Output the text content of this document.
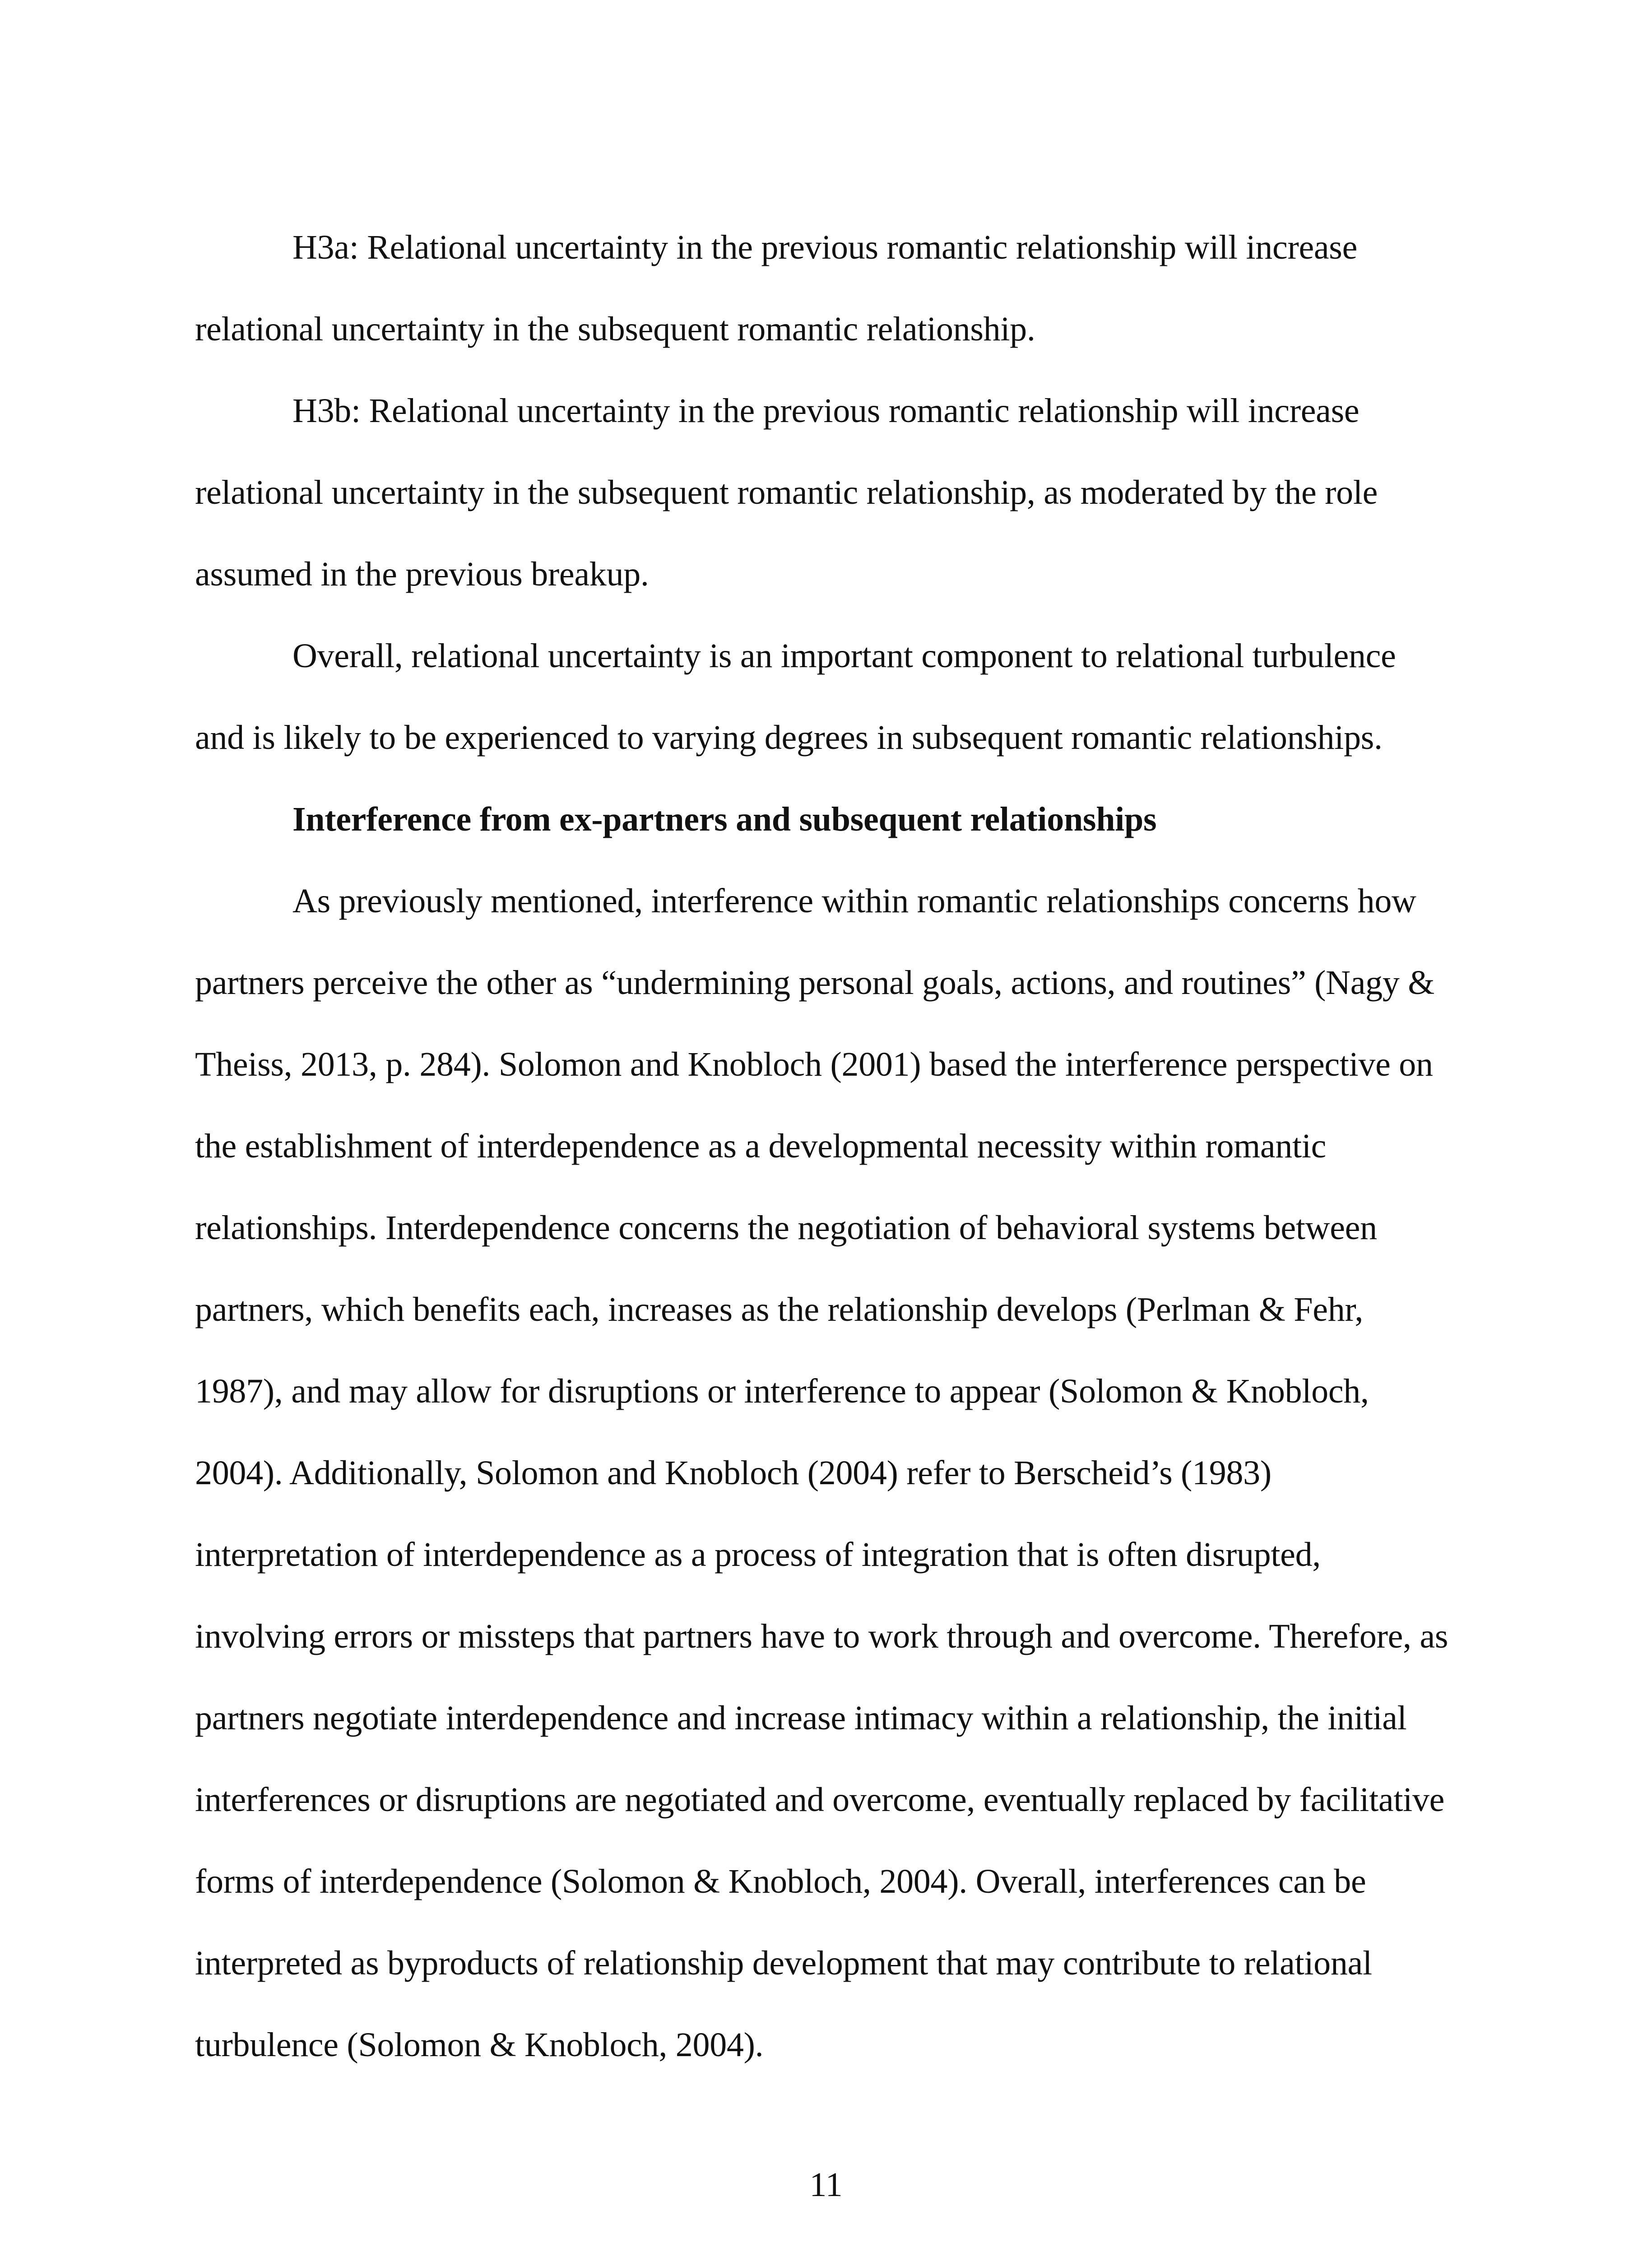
H3a: Relational uncertainty in the previous romantic relationship will increase relational uncertainty in the subsequent romantic relationship.

H3b: Relational uncertainty in the previous romantic relationship will increase relational uncertainty in the subsequent romantic relationship, as moderated by the role assumed in the previous breakup.

Overall, relational uncertainty is an important component to relational turbulence and is likely to be experienced to varying degrees in subsequent romantic relationships.

Interference from ex-partners and subsequent relationships

As previously mentioned, interference within romantic relationships concerns how partners perceive the other as “undermining personal goals, actions, and routines” (Nagy & Theiss, 2013, p. 284). Solomon and Knobloch (2001) based the interference perspective on the establishment of interdependence as a developmental necessity within romantic relationships. Interdependence concerns the negotiation of behavioral systems between partners, which benefits each, increases as the relationship develops (Perlman & Fehr, 1987), and may allow for disruptions or interference to appear (Solomon & Knobloch, 2004). Additionally, Solomon and Knobloch (2004) refer to Berscheid’s (1983) interpretation of interdependence as a process of integration that is often disrupted, involving errors or missteps that partners have to work through and overcome. Therefore, as partners negotiate interdependence and increase intimacy within a relationship, the initial interferences or disruptions are negotiated and overcome, eventually replaced by facilitative forms of interdependence (Solomon & Knobloch, 2004). Overall, interferences can be interpreted as byproducts of relationship development that may contribute to relational turbulence (Solomon & Knobloch, 2004).

11
